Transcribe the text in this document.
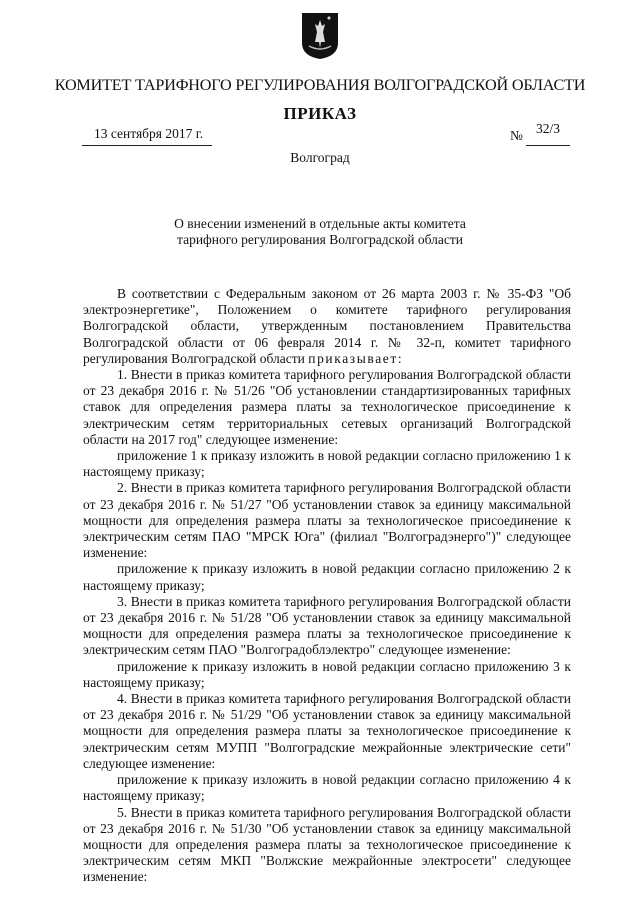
КОМИТЕТ ТАРИФНОГО РЕГУЛИРОВАНИЯ ВОЛГОГРАДСКОЙ ОБЛАСТИ
ПРИКАЗ
13 сентября 2017 г.	№ 32/3
Волгоград
О внесении изменений в отдельные акты комитета
тарифного регулирования Волгоградской области

В соответствии с Федеральным законом от 26 марта 2003 г. № 35-ФЗ "Об электроэнергетике", Положением о комитете тарифного регулирования Волгоградской области, утвержденным постановлением Правительства Волгоградской области от 06 февраля 2014 г. № 32-п, комитет тарифного регулирования Волгоградской области приказывает:

1. Внести в приказ комитета тарифного регулирования Волгоградской области от 23 декабря 2016 г. № 51/26 "Об установлении стандартизированных тарифных ставок для определения размера платы за технологическое присоединение к электрическим сетям территориальных сетевых организаций Волгоградской области на 2017 год" следующее изменение:

приложение 1 к приказу изложить в новой редакции согласно приложению 1 к настоящему приказу;

2. Внести в приказ комитета тарифного регулирования Волгоградской области от 23 декабря 2016 г. № 51/27 "Об установлении ставок за единицу максимальной мощности для определения размера платы за технологическое присоединение к электрическим сетям ПАО "МРСК Юга" (филиал "Волгоградэнерго")" следующее изменение:

приложение к приказу изложить в новой редакции согласно приложению 2 к настоящему приказу;

3. Внести в приказ комитета тарифного регулирования Волгоградской области от 23 декабря 2016 г. № 51/28 "Об установлении ставок за единицу максимальной мощности для определения размера платы за технологическое присоединение к электрическим сетям ПАО "Волгоградоблэлектро" следующее изменение:

приложение к приказу изложить в новой редакции согласно приложению 3 к настоящему приказу;

4. Внести в приказ комитета тарифного регулирования Волгоградской области от 23 декабря 2016 г. № 51/29 "Об установлении ставок за единицу максимальной мощности для определения размера платы за технологическое присоединение к электрическим сетям МУПП "Волгоградские межрайонные электрические сети" следующее изменение:

приложение к приказу изложить в новой редакции согласно приложению 4 к настоящему приказу;

5. Внести в приказ комитета тарифного регулирования Волгоградской области от 23 декабря 2016 г. № 51/30 "Об установлении ставок за единицу максимальной мощности для определения размера платы за технологическое присоединение к электрическим сетям МКП "Волжские межрайонные электросети" следующее изменение:
